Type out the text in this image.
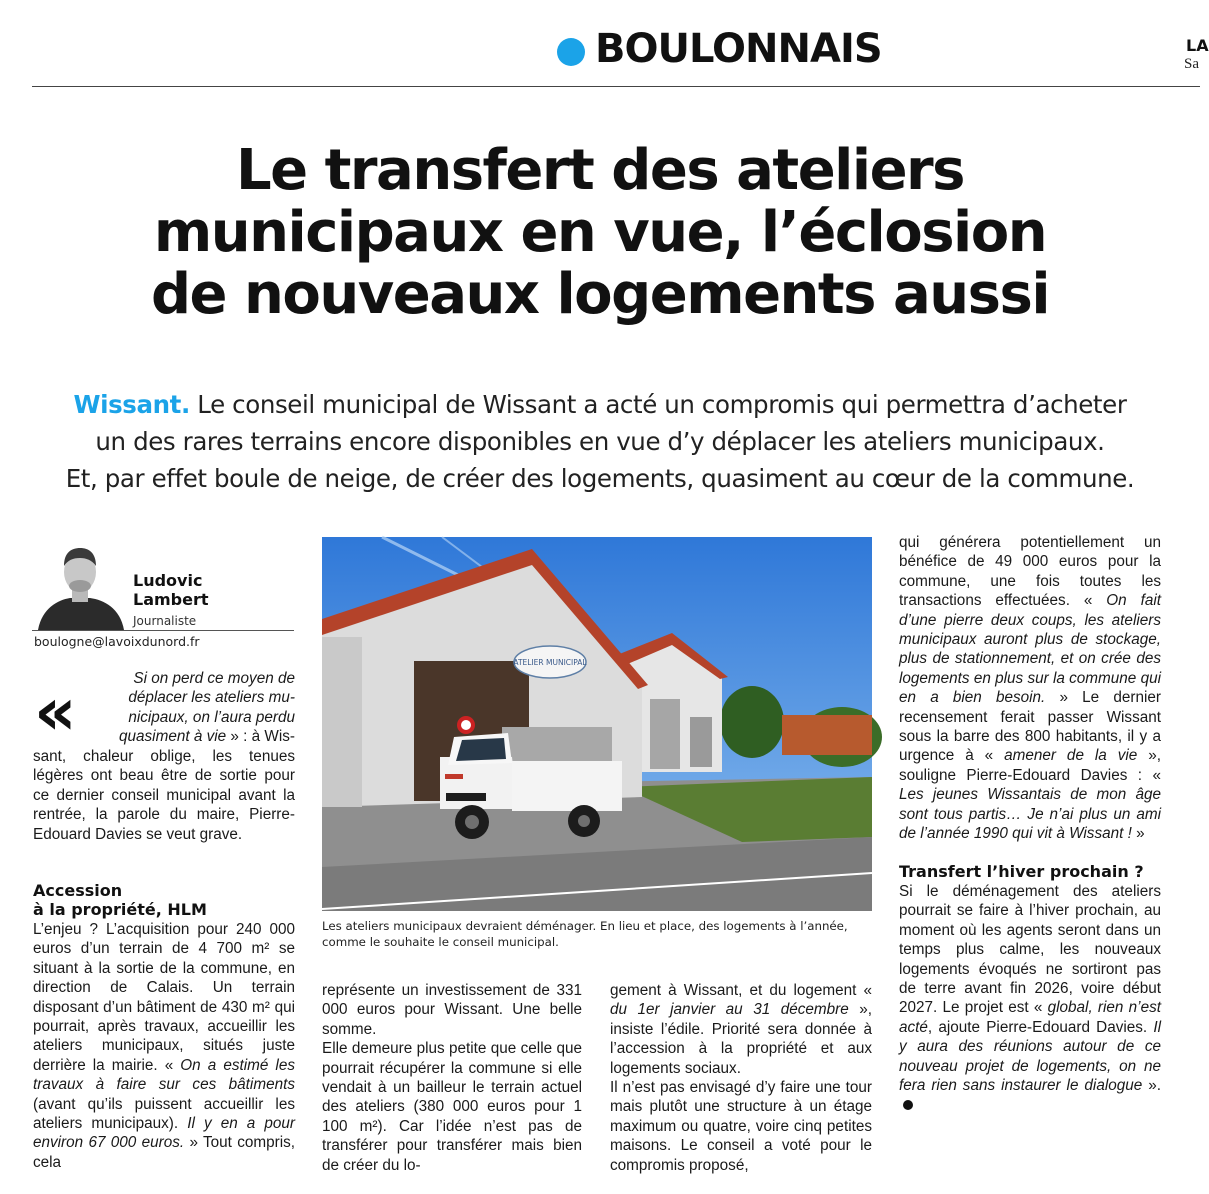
BOULONNAIS	LA
Sa
Le transfert des ateliers
municipaux en vue, l’éclosion
de nouveaux logements aussi
Wissant. Le conseil municipal de Wissant a acté un compromis qui permettra d’acheter
un des rares terrains encore disponibles en vue d’y déplacer les ateliers municipaux.
Et, par effet boule de neige, de créer des logements, quasiment au cœur de la commune.
Ludovic
Lambert
Journaliste
boulogne@lavoixdunord.fr
«	Si on perd ce moyen de

déplacer les ateliers mu-

nicipaux, on l’aura perdu

quasiment à vie » : à Wis-

sant, chaleur oblige, les tenues légères ont beau être de sortie pour ce dernier conseil municipal avant la rentrée, la parole du maire, Pierre-Edouard Davies se veut grave.

Accession
à la propriété, HLM

L’enjeu ? L’acquisition pour 240 000 euros d’un terrain de 4 700 m² se situant à la sortie de la commune, en direction de Calais. Un terrain disposant d’un bâtiment de 430 m² qui pourrait, après travaux, accueillir les ateliers municipaux, situés juste derrière la mairie. « On a estimé les travaux à faire sur ces bâtiments (avant qu’ils puissent accueillir les ateliers municipaux). Il y en a pour environ 67 000 euros. » Tout compris, cela

ATELIER MUNICIPAL
Les ateliers municipaux devraient déménager. En lieu et place, des logements à l’année,
comme le souhaite le conseil municipal.

représente un investissement de 331 000 euros pour Wissant. Une belle somme.

Elle demeure plus petite que celle que pourrait récupérer la commune si elle vendait à un bailleur le terrain actuel des ateliers (380 000 euros pour 1 100 m²). Car l’idée n’est pas de transférer pour transférer mais bien de créer du lo-

gement à Wissant, et du logement « du 1er janvier au 31 décembre », insiste l’édile. Priorité sera donnée à l’accession à la propriété et aux logements sociaux.

Il n’est pas envisagé d’y faire une tour mais plutôt une structure à un étage maximum ou quatre, voire cinq petites maisons. Le conseil a voté pour le compromis proposé,

qui générera potentiellement un bénéfice de 49 000 euros pour la commune, une fois toutes les transactions effectuées. « On fait d’une pierre deux coups, les ateliers municipaux auront plus de stockage, plus de stationnement, et on crée des logements en plus sur la commune qui en a bien besoin. » Le dernier recensement ferait passer Wissant sous la barre des 800 habitants, il y a urgence à « amener de la vie », souligne Pierre-Edouard Davies : « Les jeunes Wissantais de mon âge sont tous partis… Je n’ai plus un ami de l’année 1990 qui vit à Wissant ! »

Transfert l’hiver prochain ?

Si le déménagement des ateliers pourrait se faire à l’hiver prochain, au moment où les agents seront dans un temps plus calme, les nouveaux logements évoqués ne sortiront pas de terre avant fin 2026, voire début 2027. Le projet est « global, rien n’est acté, ajoute Pierre-Edouard Davies. Il y aura des réunions autour de ce nouveau projet de logements, on ne fera rien sans instaurer le dialogue ».
